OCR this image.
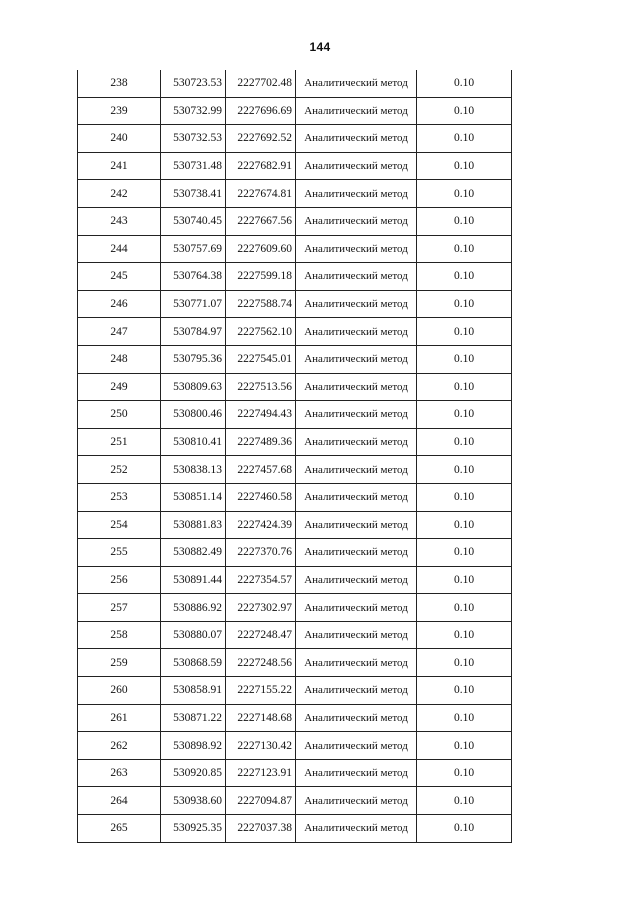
144
238	530723.53	2227702.48	Аналитический метод	0.10
239	530732.99	2227696.69	Аналитический метод	0.10
240	530732.53	2227692.52	Аналитический метод	0.10
241	530731.48	2227682.91	Аналитический метод	0.10
242	530738.41	2227674.81	Аналитический метод	0.10
243	530740.45	2227667.56	Аналитический метод	0.10
244	530757.69	2227609.60	Аналитический метод	0.10
245	530764.38	2227599.18	Аналитический метод	0.10
246	530771.07	2227588.74	Аналитический метод	0.10
247	530784.97	2227562.10	Аналитический метод	0.10
248	530795.36	2227545.01	Аналитический метод	0.10
249	530809.63	2227513.56	Аналитический метод	0.10
250	530800.46	2227494.43	Аналитический метод	0.10
251	530810.41	2227489.36	Аналитический метод	0.10
252	530838.13	2227457.68	Аналитический метод	0.10
253	530851.14	2227460.58	Аналитический метод	0.10
254	530881.83	2227424.39	Аналитический метод	0.10
255	530882.49	2227370.76	Аналитический метод	0.10
256	530891.44	2227354.57	Аналитический метод	0.10
257	530886.92	2227302.97	Аналитический метод	0.10
258	530880.07	2227248.47	Аналитический метод	0.10
259	530868.59	2227248.56	Аналитический метод	0.10
260	530858.91	2227155.22	Аналитический метод	0.10
261	530871.22	2227148.68	Аналитический метод	0.10
262	530898.92	2227130.42	Аналитический метод	0.10
263	530920.85	2227123.91	Аналитический метод	0.10
264	530938.60	2227094.87	Аналитический метод	0.10
265	530925.35	2227037.38	Аналитический метод	0.10
